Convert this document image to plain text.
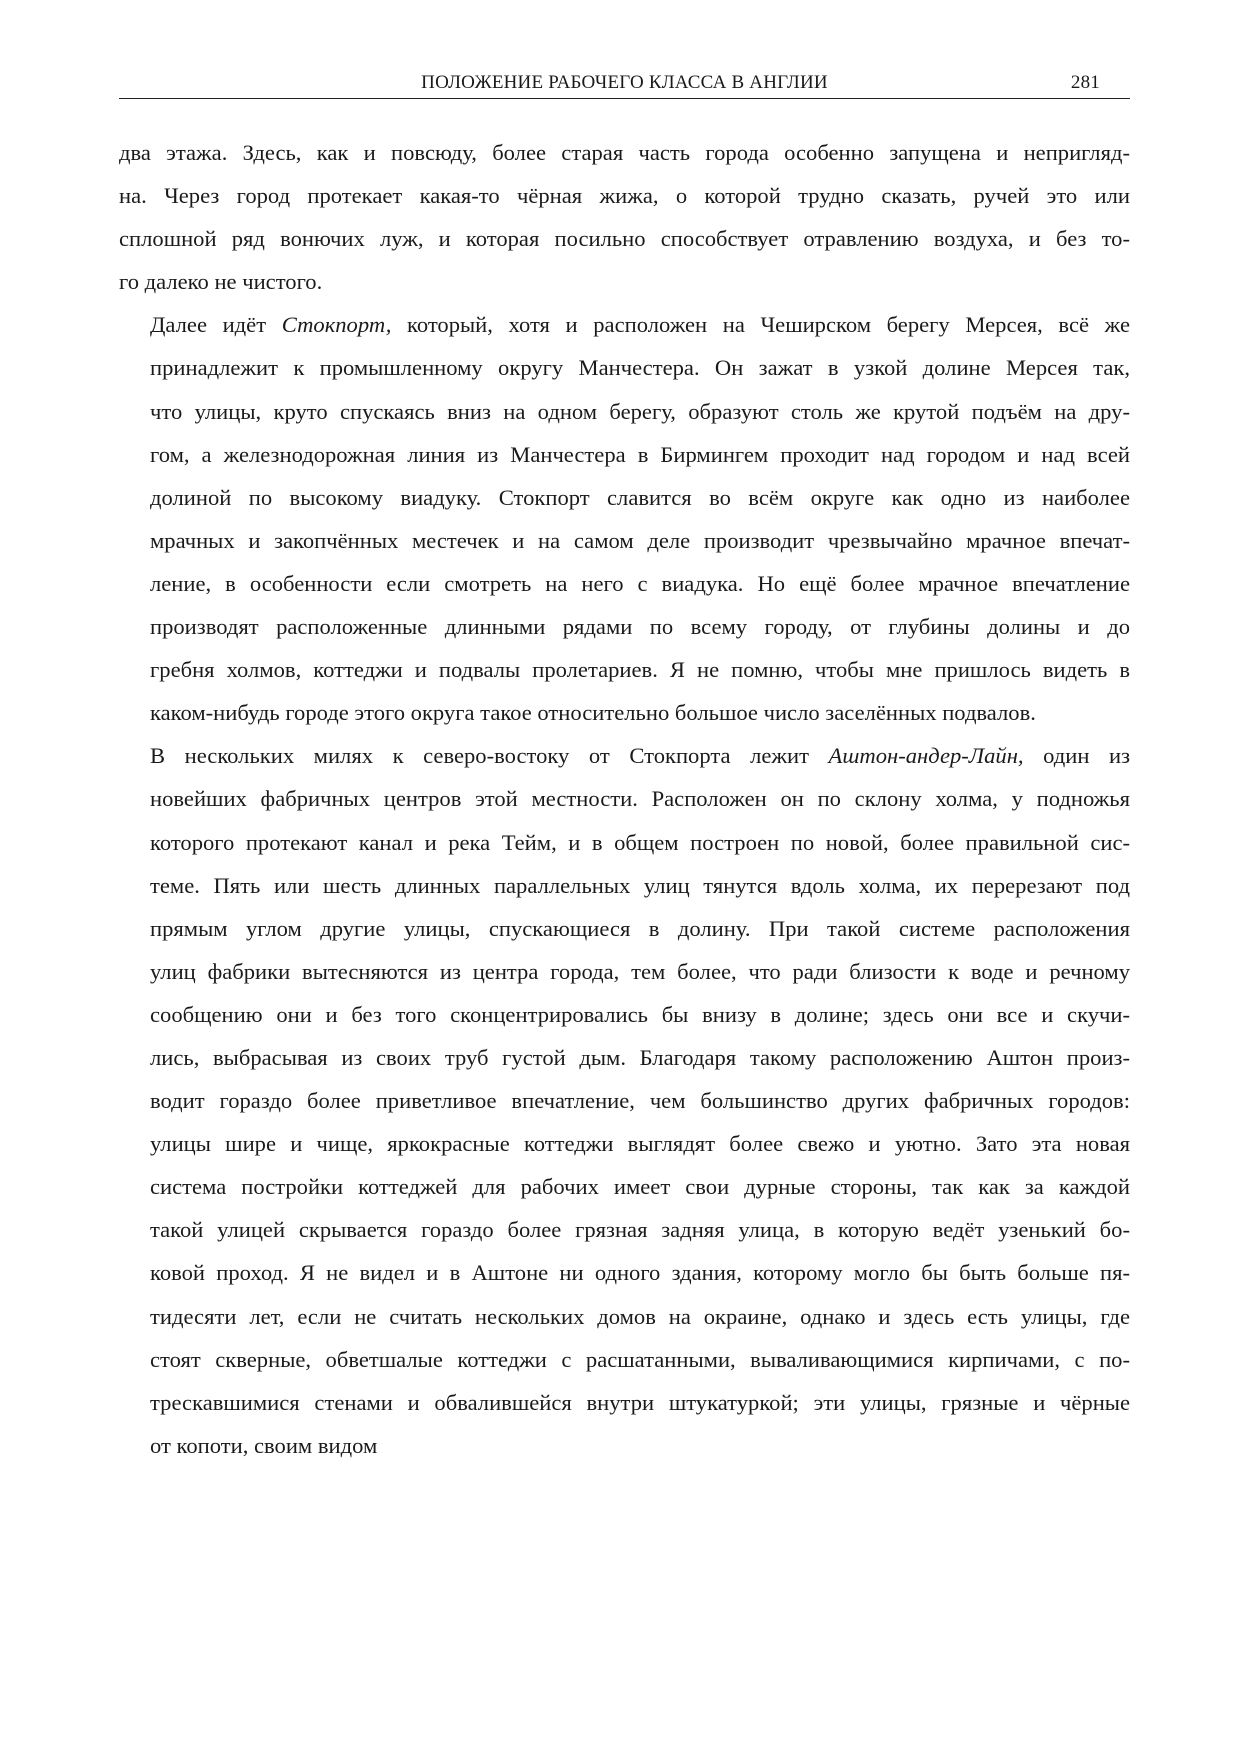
ПОЛОЖЕНИЕ РАБОЧЕГО КЛАССА В АНГЛИИ	281

два этажа. Здесь, как и повсюду, более старая часть города особенно запущена и непригляд-
на. Через город протекает какая-то чёрная жижа, о которой трудно сказать, ручей это или
сплошной ряд вонючих луж, и которая посильно способствует отравлению воздуха, и без то-
го далеко не чистого.

Далее идёт Стокпорт, который, хотя и расположен на Чеширском берегу Мерсея, всё же
принадлежит к промышленному округу Манчестера. Он зажат в узкой долине Мерсея так,
что улицы, круто спускаясь вниз на одном берегу, образуют столь же крутой подъём на дру-
гом, а железнодорожная линия из Манчестера в Бирмингем проходит над городом и над всей
долиной по высокому виадуку. Стокпорт славится во всём округе как одно из наиболее
мрачных и закопчённых местечек и на самом деле производит чрезвычайно мрачное впечат-
ление, в особенности если смотреть на него с виадука. Но ещё более мрачное впечатление
производят расположенные длинными рядами по всему городу, от глубины долины и до
гребня холмов, коттеджи и подвалы пролетариев. Я не помню, чтобы мне пришлось видеть в
каком-нибудь городе этого округа такое относительно большое число заселённых подвалов.

В нескольких милях к северо-востоку от Стокпорта лежит Аштон-андер-Лайн, один из
новейших фабричных центров этой местности. Расположен он по склону холма, у подножья
которого протекают канал и река Тейм, и в общем построен по новой, более правильной сис-
теме. Пять или шесть длинных параллельных улиц тянутся вдоль холма, их перерезают под
прямым углом другие улицы, спускающиеся в долину. При такой системе расположения
улиц фабрики вытесняются из центра города, тем более, что ради близости к воде и речному
сообщению они и без того сконцентрировались бы внизу в долине; здесь они все и скучи-
лись, выбрасывая из своих труб густой дым. Благодаря такому расположению Аштон произ-
водит гораздо более приветливое впечатление, чем большинство других фабричных городов:
улицы шире и чище, яркокрасные коттеджи выглядят более свежо и уютно. Зато эта новая
система постройки коттеджей для рабочих имеет свои дурные стороны, так как за каждой
такой улицей скрывается гораздо более грязная задняя улица, в которую ведёт узенький бо-
ковой проход. Я не видел и в Аштоне ни одного здания, которому могло бы быть больше пя-
тидесяти лет, если не считать нескольких домов на окраине, однако и здесь есть улицы, где
стоят скверные, обветшалые коттеджи с расшатанными, вываливающимися кирпичами, с по-
трескавшимися стенами и обвалившейся внутри штукатуркой; эти улицы, грязные и чёрные
от копоти, своим видом
